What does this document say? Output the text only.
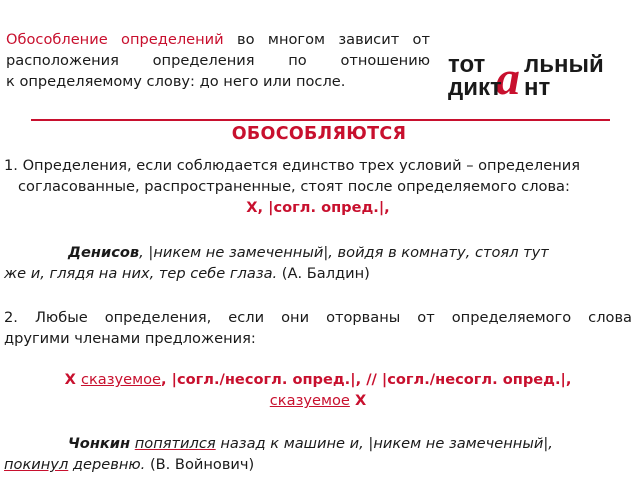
Обособление определений во многом зависит от
расположения определения по отношению
к определяемому слову: до него или после.
тот а льный
дикт нт
ОБОСОБЛЯЮТСЯ
1. Определения, если соблюдается единство трех условий – определения
согласованные, распространенные, стоят после определяемого слова:
Х, |согл. опред.|,
Денисов, |никем не замеченный|, войдя в комнату, стоял тут
же и, глядя на них, тер себе глаза. (А. Балдин)
2. Любые определения, если они оторваны от определяемого слова
другими членами предложения:
Х сказуемое, |согл./несогл. опред.|, // |согл./несогл. опред.|,
сказуемое Х
Чонкин попятился назад к машине и, |никем не замеченный|,
покинул деревню. (В. Войнович)
